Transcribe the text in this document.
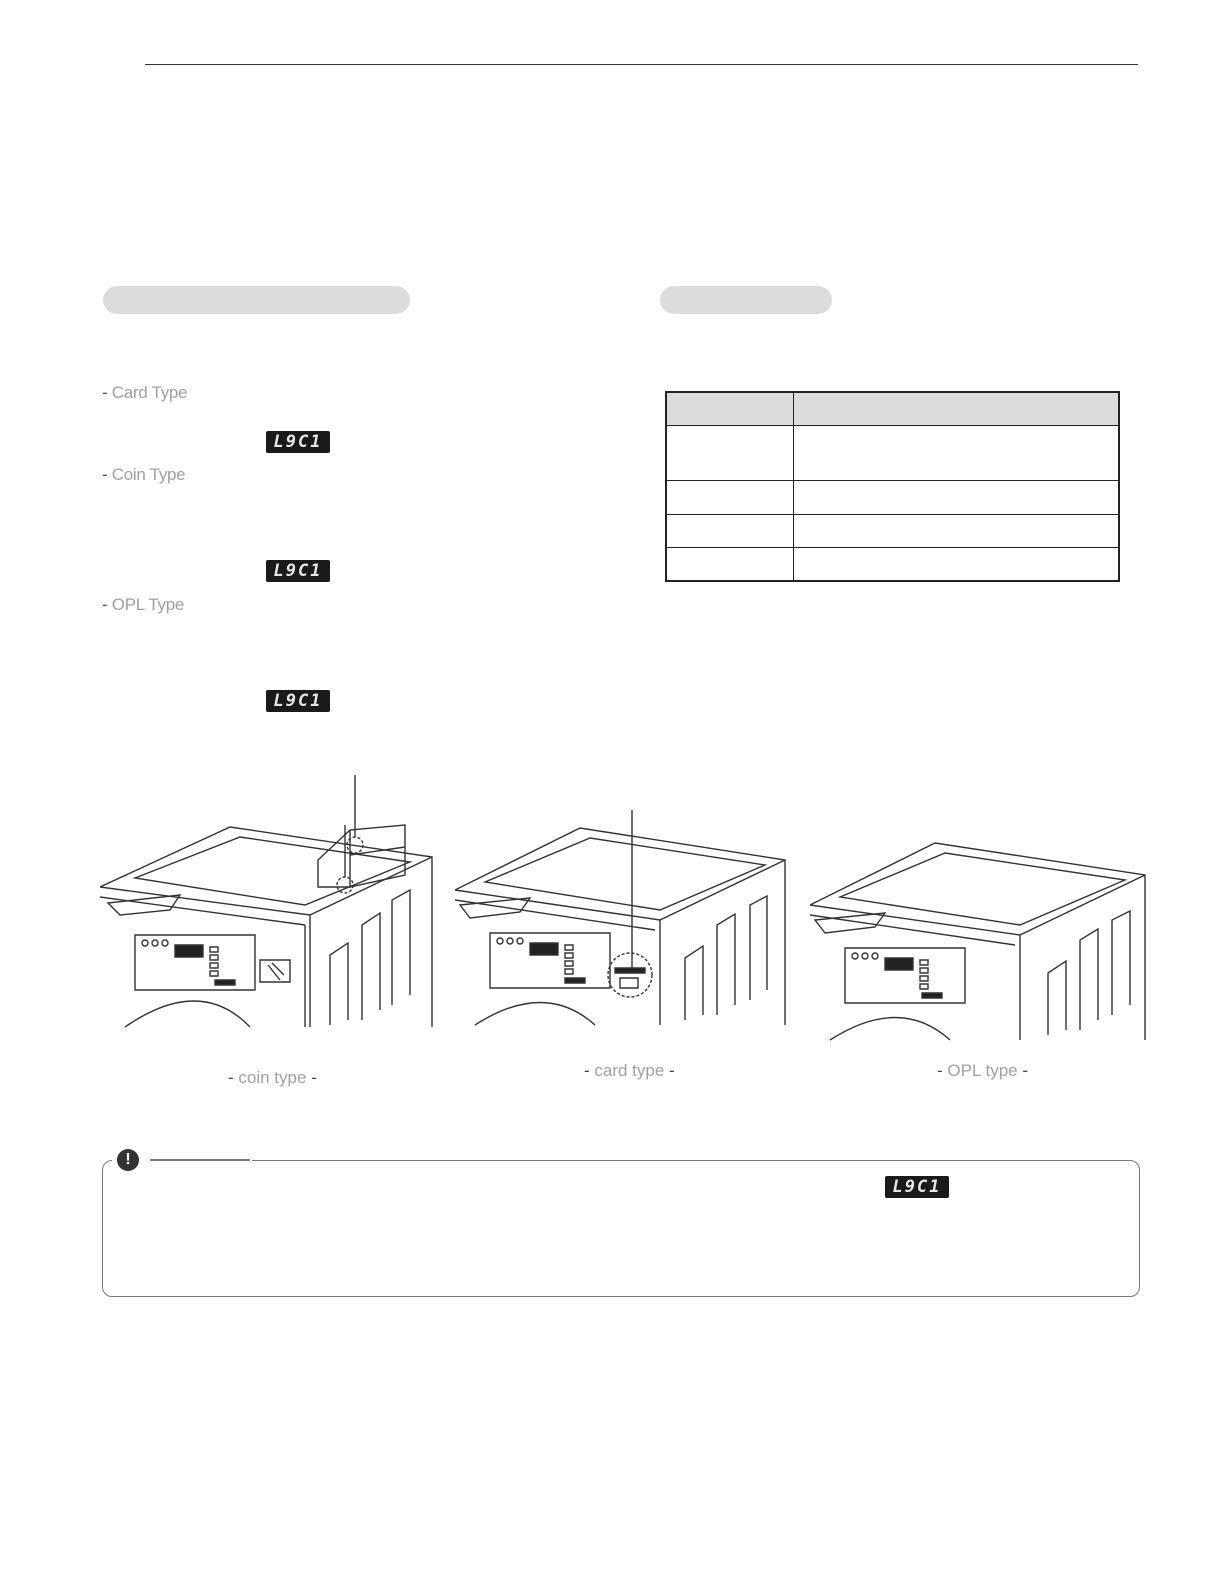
- Card Type
L9C1
- Coin Type
L9C1
- OPL Type
L9C1

- coin type -	- card type -	- OPL type -
!
L9C1
